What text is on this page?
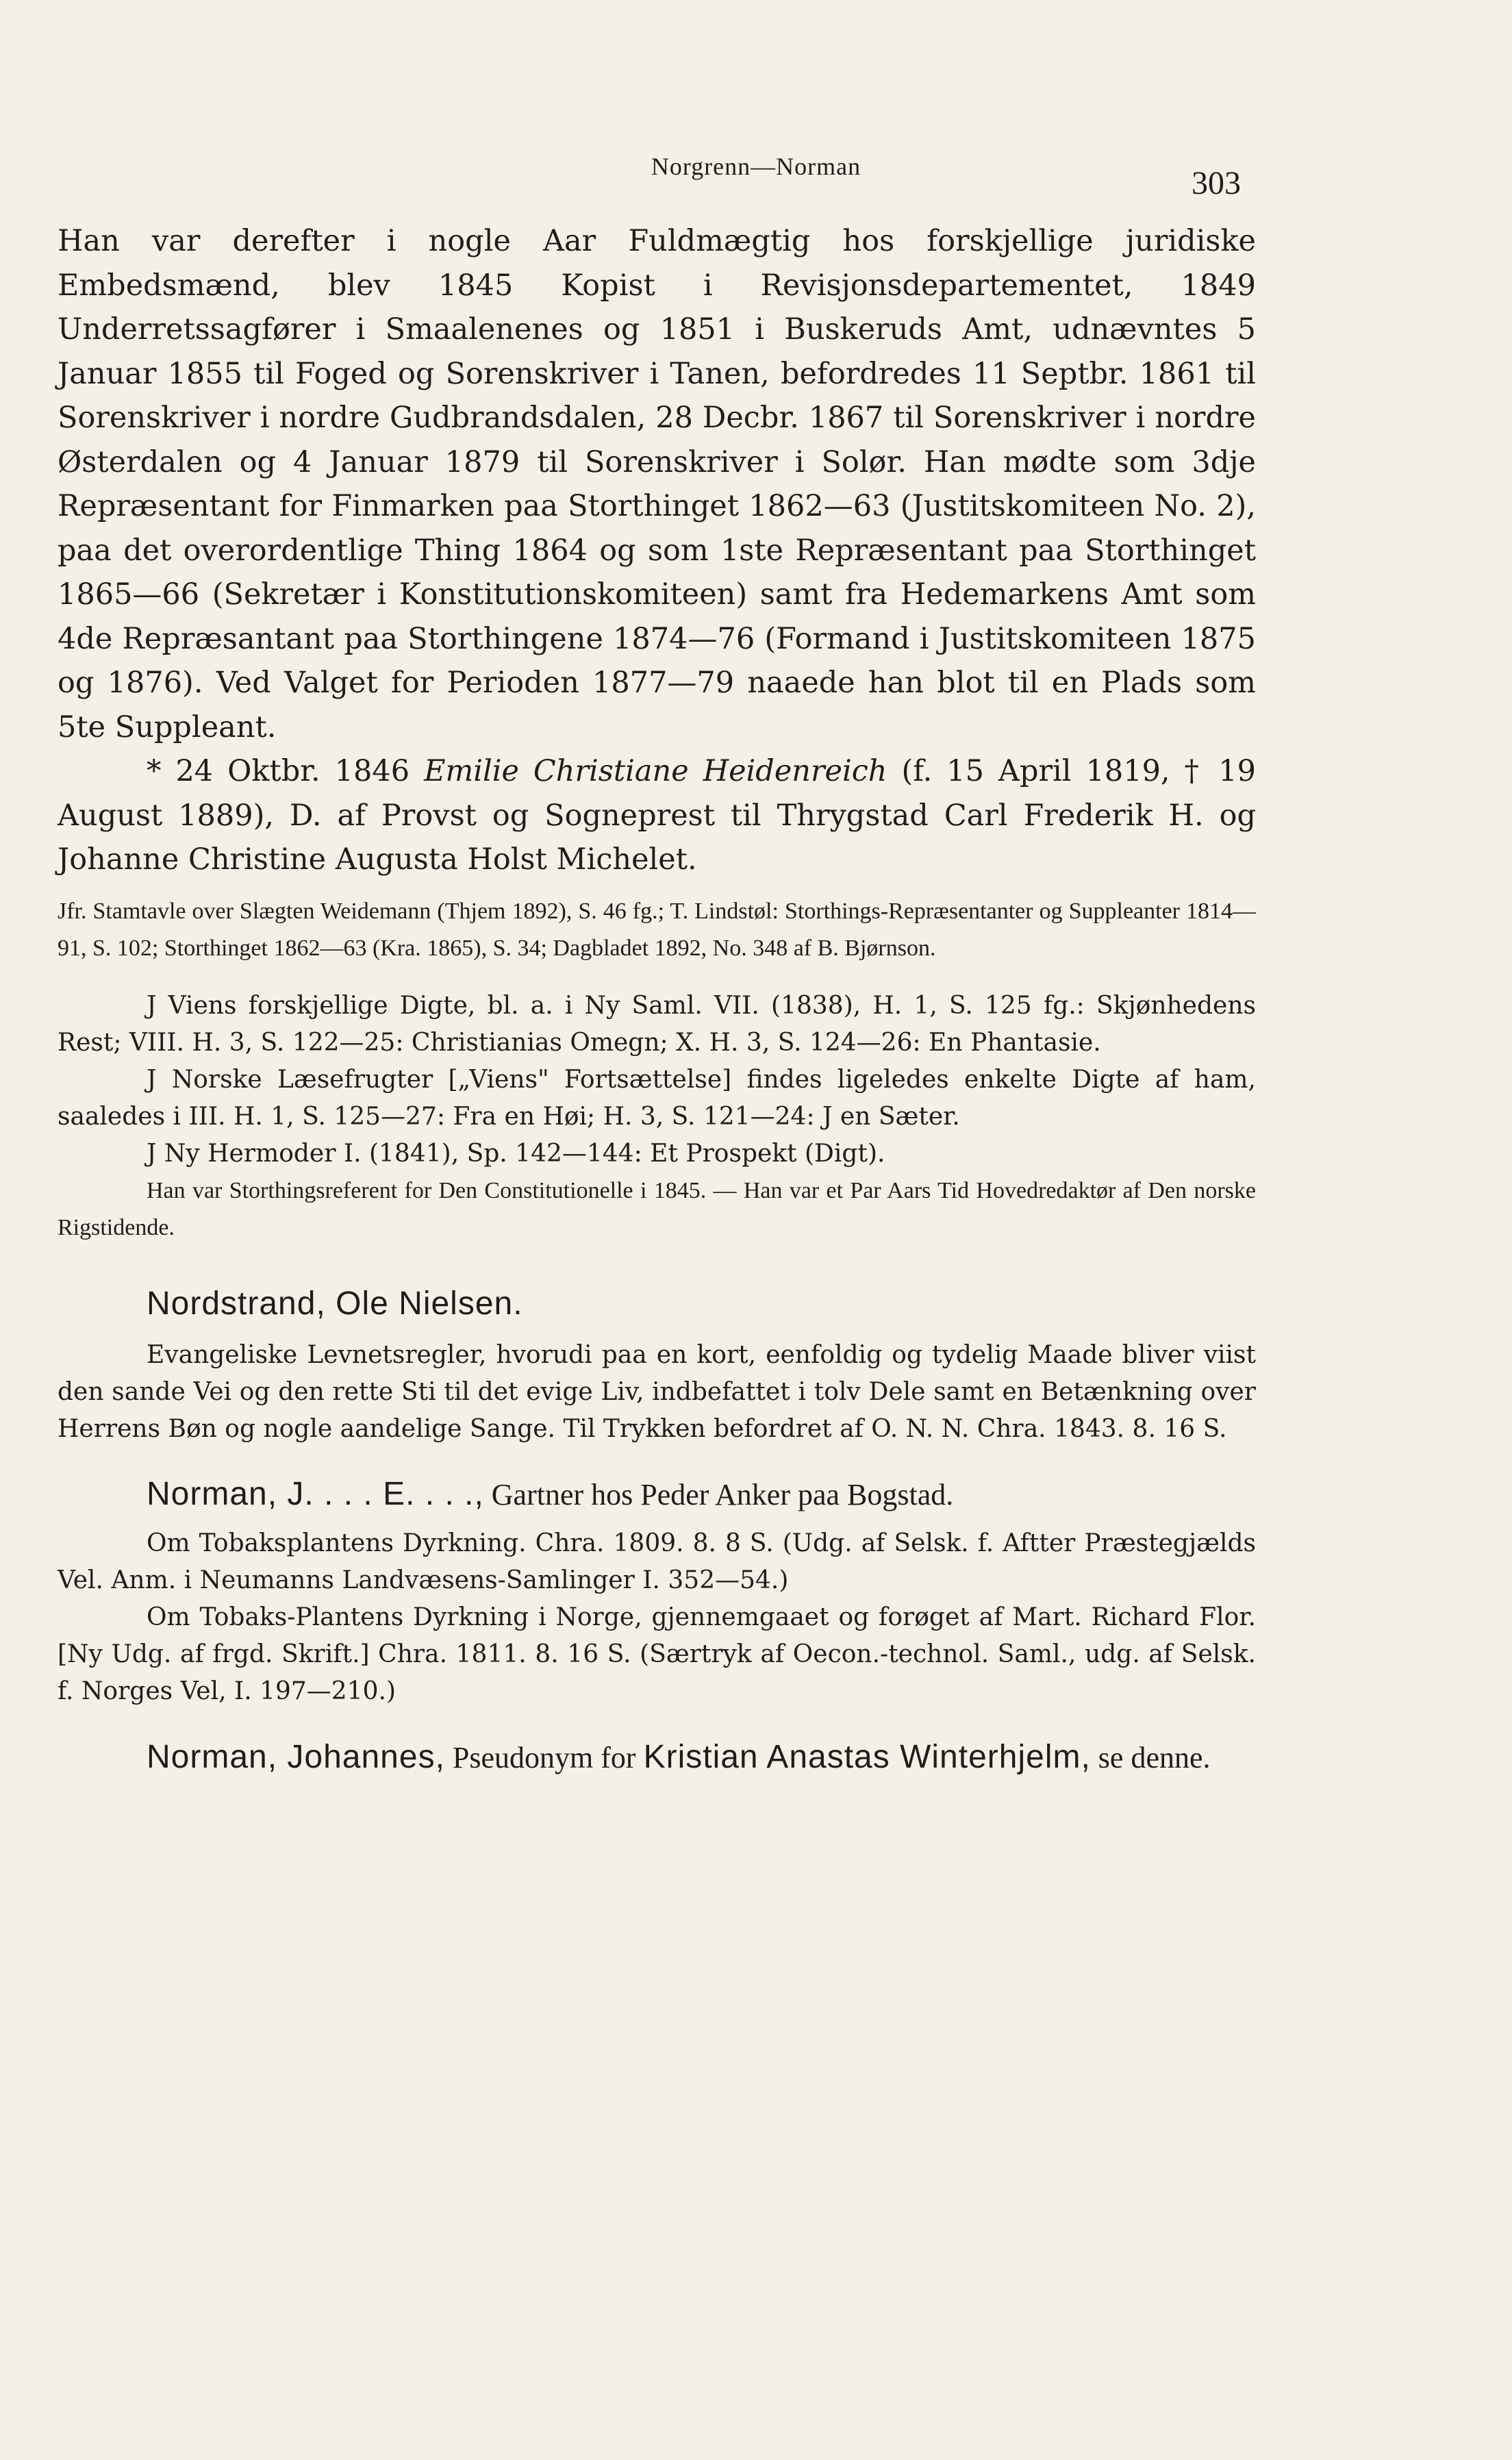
Norgrenn—Norman	303

Han var derefter i nogle Aar Fuldmægtig hos forskjellige juridiske Embedsmænd, blev 1845 Kopist i Revisjonsdepartementet, 1849 Underretssagfører i Smaalenenes og 1851 i Buskeruds Amt, udnævntes 5 Januar 1855 til Foged og Sorenskriver i Tanen, befordredes 11 Septbr. 1861 til Sorenskriver i nordre Gudbrandsdalen, 28 Decbr. 1867 til Sorenskriver i nordre Østerdalen og 4 Januar 1879 til Sorenskriver i Solør. Han mødte som 3dje Repræsentant for Finmarken paa Storthinget 1862—63 (Justitskomiteen No. 2), paa det overordentlige Thing 1864 og som 1ste Repræsentant paa Storthinget 1865—66 (Sekretær i Konstitutionskomiteen) samt fra Hedemarkens Amt som 4de Repræsantant paa Storthingene 1874—76 (Formand i Justitskomiteen 1875 og 1876). Ved Valget for Perioden 1877—79 naaede han blot til en Plads som 5te Suppleant.

* 24 Oktbr. 1846 Emilie Christiane Heidenreich (f. 15 April 1819, † 19 August 1889), D. af Provst og Sogneprest til Thrygstad Carl Frederik H. og Johanne Christine Augusta Holst Michelet.

Jfr. Stamtavle over Slægten Weidemann (Thjem 1892), S. 46 fg.; T. Lindstøl: Storthings-Repræsentanter og Suppleanter 1814—91, S. 102; Storthinget 1862—63 (Kra. 1865), S. 34; Dagbladet 1892, No. 348 af B. Bjørnson.

J Viens forskjellige Digte, bl. a. i Ny Saml. VII. (1838), H. 1, S. 125 fg.: Skjønhedens Rest; VIII. H. 3, S. 122—25: Christianias Omegn; X. H. 3, S. 124—26: En Phantasie.

J Norske Læsefrugter [„Viens" Fortsættelse] findes ligeledes enkelte Digte af ham, saaledes i III. H. 1, S. 125—27: Fra en Høi; H. 3, S. 121—24: J en Sæter.

J Ny Hermoder I. (1841), Sp. 142—144: Et Prospekt (Digt).

Han var Storthingsreferent for Den Constitutionelle i 1845. — Han var et Par Aars Tid Hovedredaktør af Den norske Rigstidende.

Nordstrand, Ole Nielsen.

Evangeliske Levnetsregler, hvorudi paa en kort, eenfoldig og tydelig Maade bliver viist den sande Vei og den rette Sti til det evige Liv, indbefattet i tolv Dele samt en Betænkning over Herrens Bøn og nogle aandelige Sange. Til Trykken befordret af O. N. N. Chra. 1843. 8. 16 S.

Norman, J. . . . E. . . ., Gartner hos Peder Anker paa Bogstad.

Om Tobaksplantens Dyrkning. Chra. 1809. 8. 8 S. (Udg. af Selsk. f. Aftter Præstegjælds Vel. Anm. i Neumanns Landvæsens-Samlinger I. 352—54.)

Om Tobaks-Plantens Dyrkning i Norge, gjennemgaaet og forøget af Mart. Richard Flor. [Ny Udg. af frgd. Skrift.] Chra. 1811. 8. 16 S. (Særtryk af Oecon.-technol. Saml., udg. af Selsk. f. Norges Vel, I. 197—210.)

Norman, Johannes, Pseudonym for Kristian Anastas Winterhjelm, se denne.
